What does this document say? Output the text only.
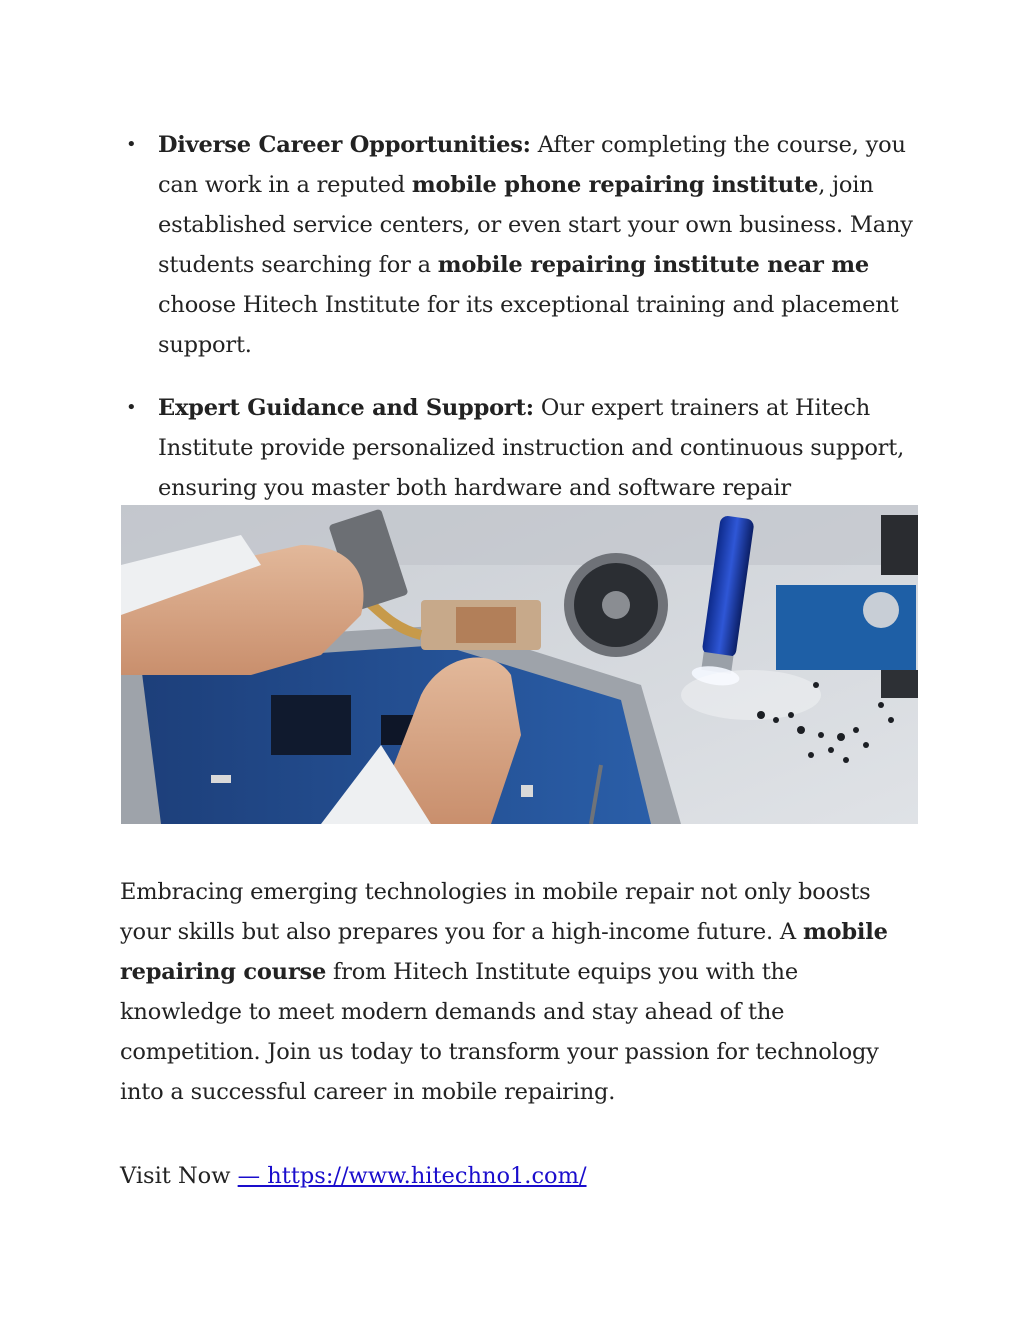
• Diverse Career Opportunities: After completing the course, you can work in a reputed mobile phone repairing institute, join established service centers, or even start your own business. Many students searching for a mobile repairing institute near me choose Hitech Institute for its exceptional training and placement support.
• Expert Guidance and Support: Our expert trainers at Hitech Institute provide personalized instruction and continuous support, ensuring you master both hardware and software repair

Embracing emerging technologies in mobile repair not only boosts your skills but also prepares you for a high-income future. A mobile repairing course from Hitech Institute equips you with the knowledge to meet modern demands and stay ahead of the competition. Join us today to transform your passion for technology into a successful career in mobile repairing.

Visit Now — https://www.hitechno1.com/
